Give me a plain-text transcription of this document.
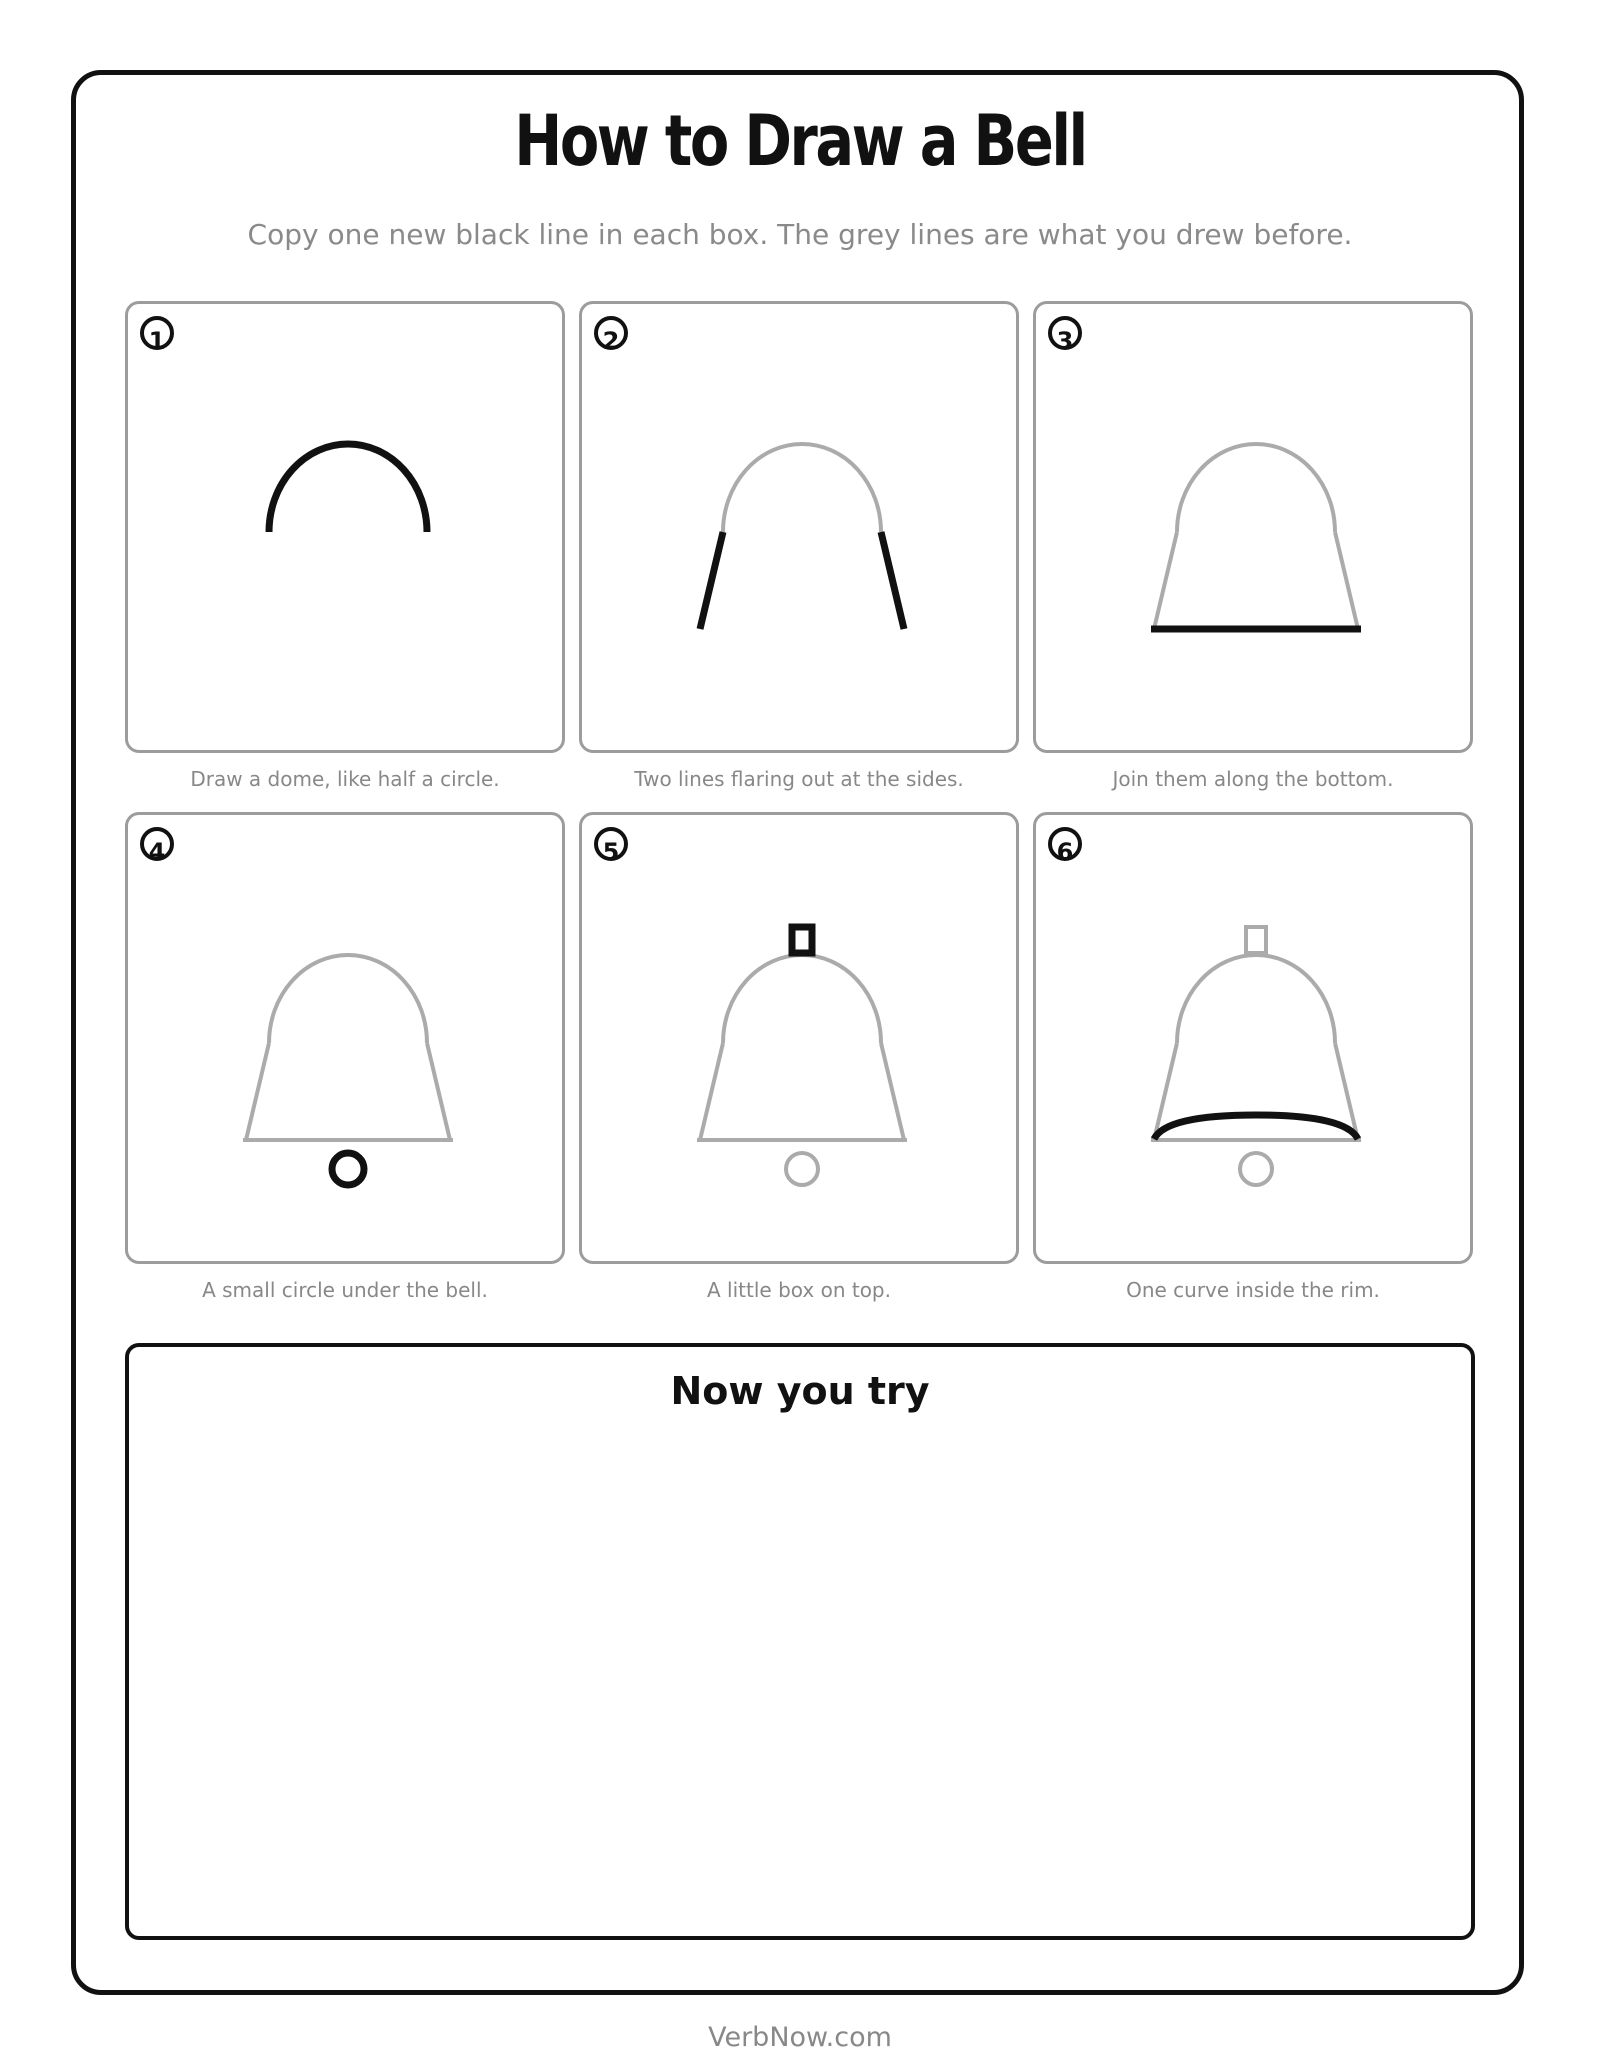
How to Draw a Bell
Copy one new black line in each box. The grey lines are what you drew before.
1
Draw a dome, like half a circle.
2
Two lines flaring out at the sides.
3
Join them along the bottom.
4
A small circle under the bell.
5
A little box on top.
6
One curve inside the rim.
Now you try
VerbNow.com
